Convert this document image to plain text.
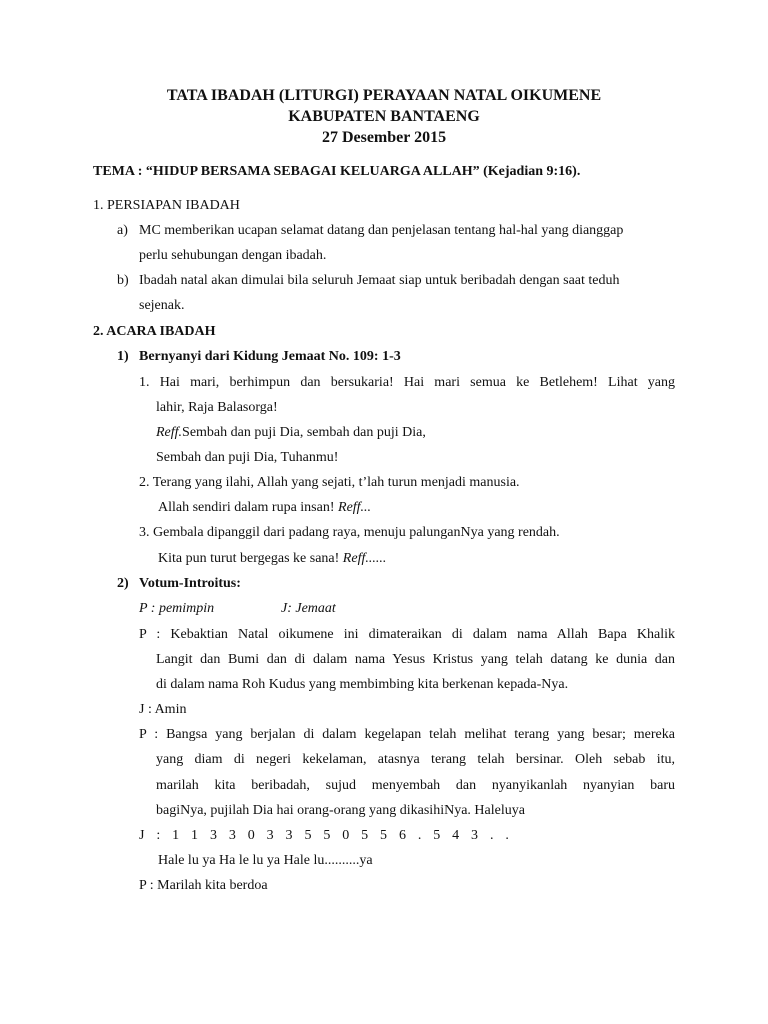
TATA IBADAH (LITURGI) PERAYAAN NATAL OIKUMENE
KABUPATEN BANTAENG
27 Desember 2015
TEMA : “HIDUP BERSAMA SEBAGAI KELUARGA ALLAH” (Kejadian 9:16).
1. PERSIAPAN IBADAH
a) MC memberikan ucapan selamat datang dan penjelasan tentang hal-hal yang dianggap
perlu sehubungan dengan ibadah.
b) Ibadah natal akan dimulai bila seluruh Jemaat siap untuk beribadah dengan saat teduh
sejenak.
2. ACARA IBADAH
1) Bernyanyi dari Kidung Jemaat No. 109: 1-3
1. Hai mari, berhimpun dan bersukaria! Hai mari semua ke Betlehem! Lihat yang
lahir, Raja Balasorga!
Reff.Sembah dan puji Dia, sembah dan puji Dia,
Sembah dan puji Dia, Tuhanmu!
2. Terang yang ilahi, Allah yang sejati, t’lah turun menjadi manusia.
Allah sendiri dalam rupa insan! Reff...
3. Gembala dipanggil dari padang raya, menuju palunganNya yang rendah.
Kita pun turut bergegas ke sana! Reff......
2) Votum-Introitus:
P : pemimpin	J: Jemaat
P : Kebaktian Natal oikumene ini dimateraikan di dalam nama Allah Bapa Khalik
Langit dan Bumi dan di dalam nama Yesus Kristus yang telah datang ke dunia dan
di dalam nama Roh Kudus yang membimbing kita berkenan kepada-Nya.
J : Amin
P : Bangsa yang berjalan di dalam kegelapan telah melihat terang yang besar; mereka
yang diam di negeri kekelaman, atasnya terang telah bersinar. Oleh sebab itu,
marilah kita beribadah, sujud menyembah dan nyanyikanlah nyanyian baru
bagiNya, pujilah Dia hai orang-orang yang dikasihiNya. Haleluya
J : 1 1 3 3 0 3 3 5 5 0 5 5 6 . 5 4 3 . .
Hale lu ya Ha le lu ya Hale lu..........ya
P : Marilah kita berdoa
